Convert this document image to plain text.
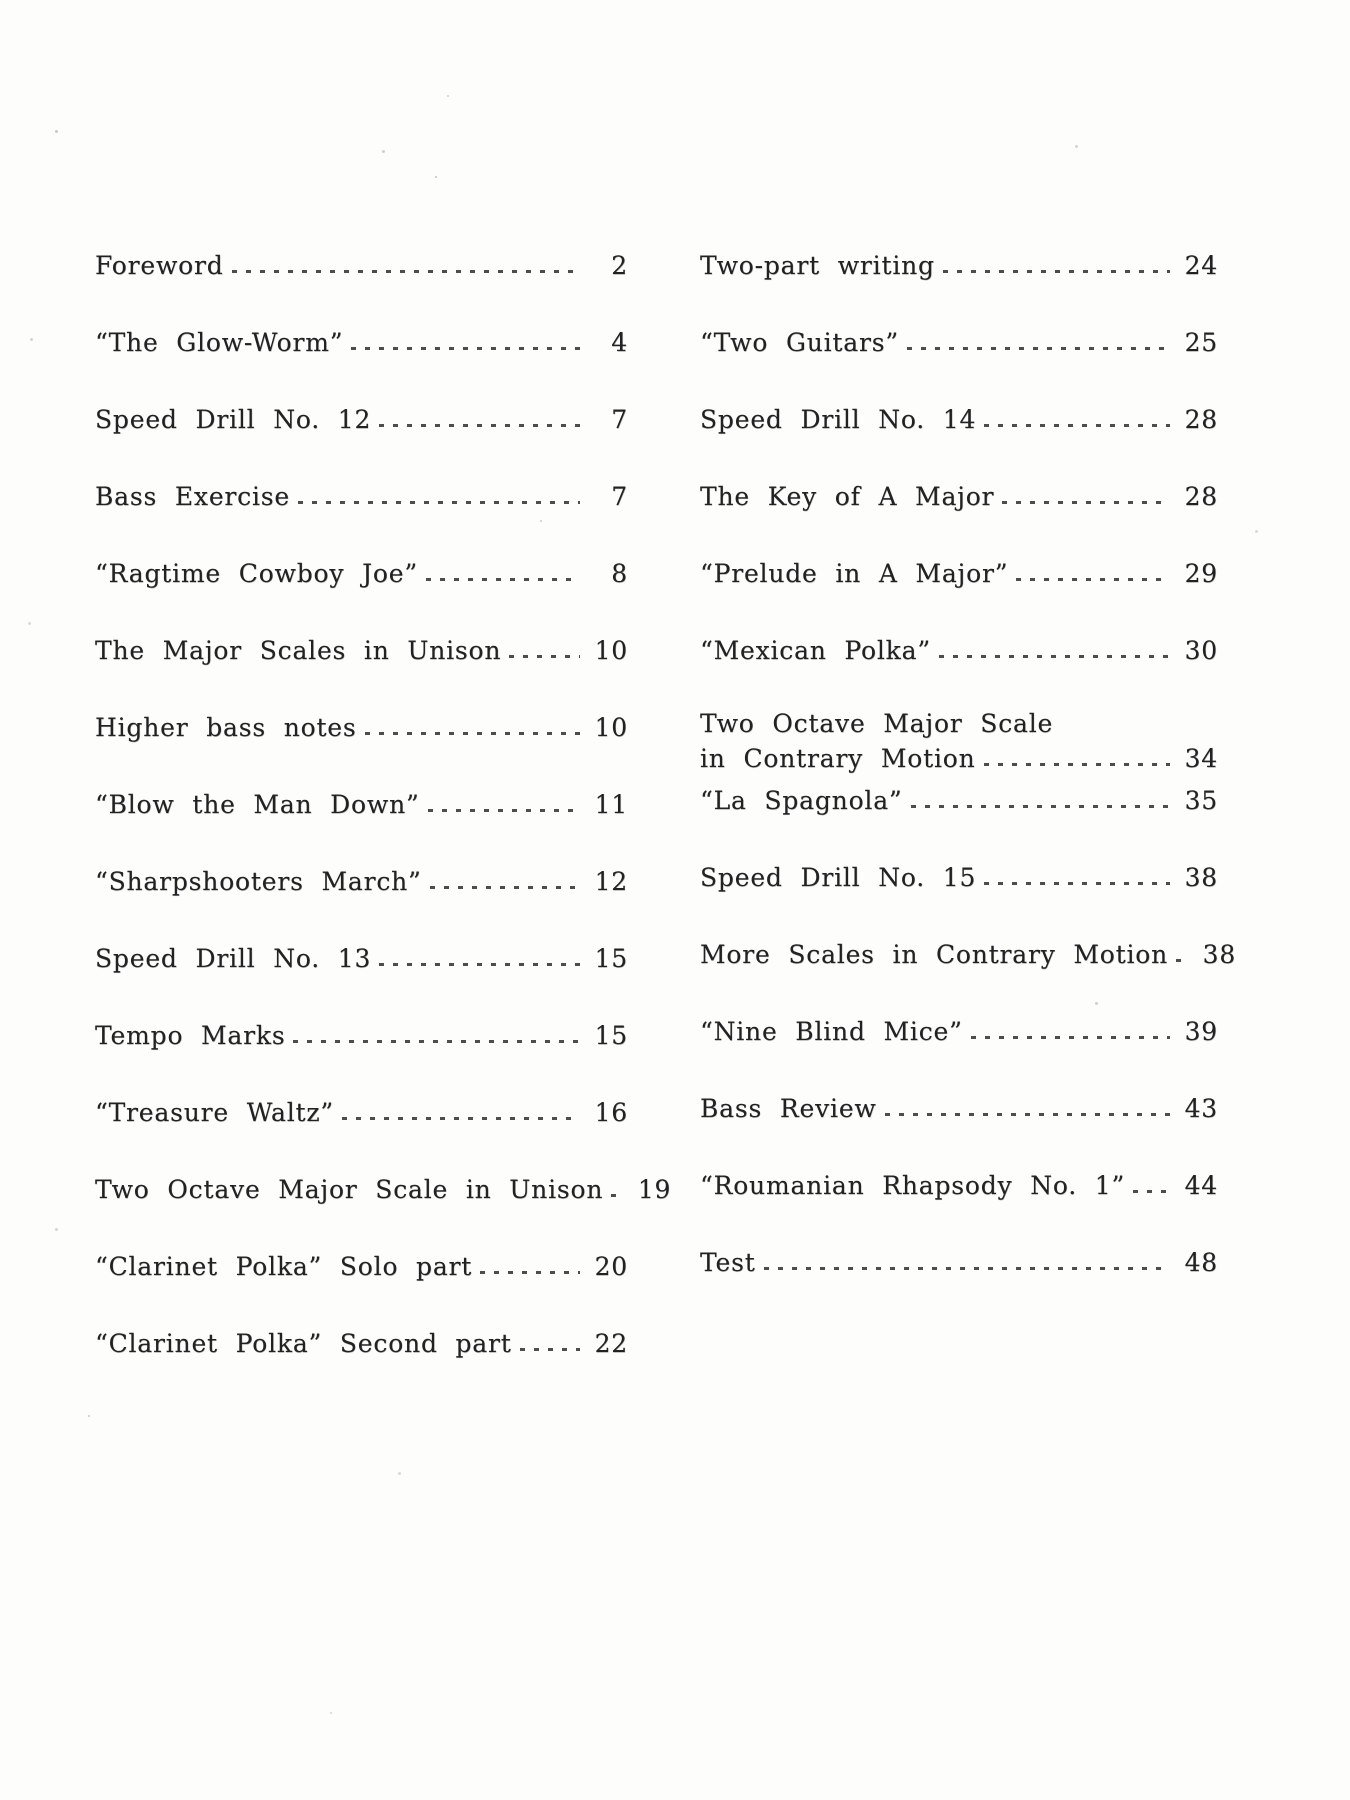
Foreword	2
“The Glow-Worm”	4
Speed Drill No. 12	7
Bass Exercise	7
“Ragtime Cowboy Joe”	8
The Major Scales in Unison	10
Higher bass notes	10
“Blow the Man Down”	11
“Sharpshooters March”	12
Speed Drill No. 13	15
Tempo Marks	15
“Treasure Waltz”	16
Two Octave Major Scale in Unison 19
“Clarinet Polka” Solo part	20
“Clarinet Polka” Second part	22
Two-part writing	24
“Two Guitars”	25
Speed Drill No. 14	28
The Key of A Major	28
“Prelude in A Major”	29
“Mexican Polka”	30
Two Octave Major Scale
in Contrary Motion	34
“La Spagnola”	35
Speed Drill No. 15	38
More Scales in Contrary Motion 38
“Nine Blind Mice”	39
Bass Review	43
“Roumanian Rhapsody No. 1” 44
Test	48
